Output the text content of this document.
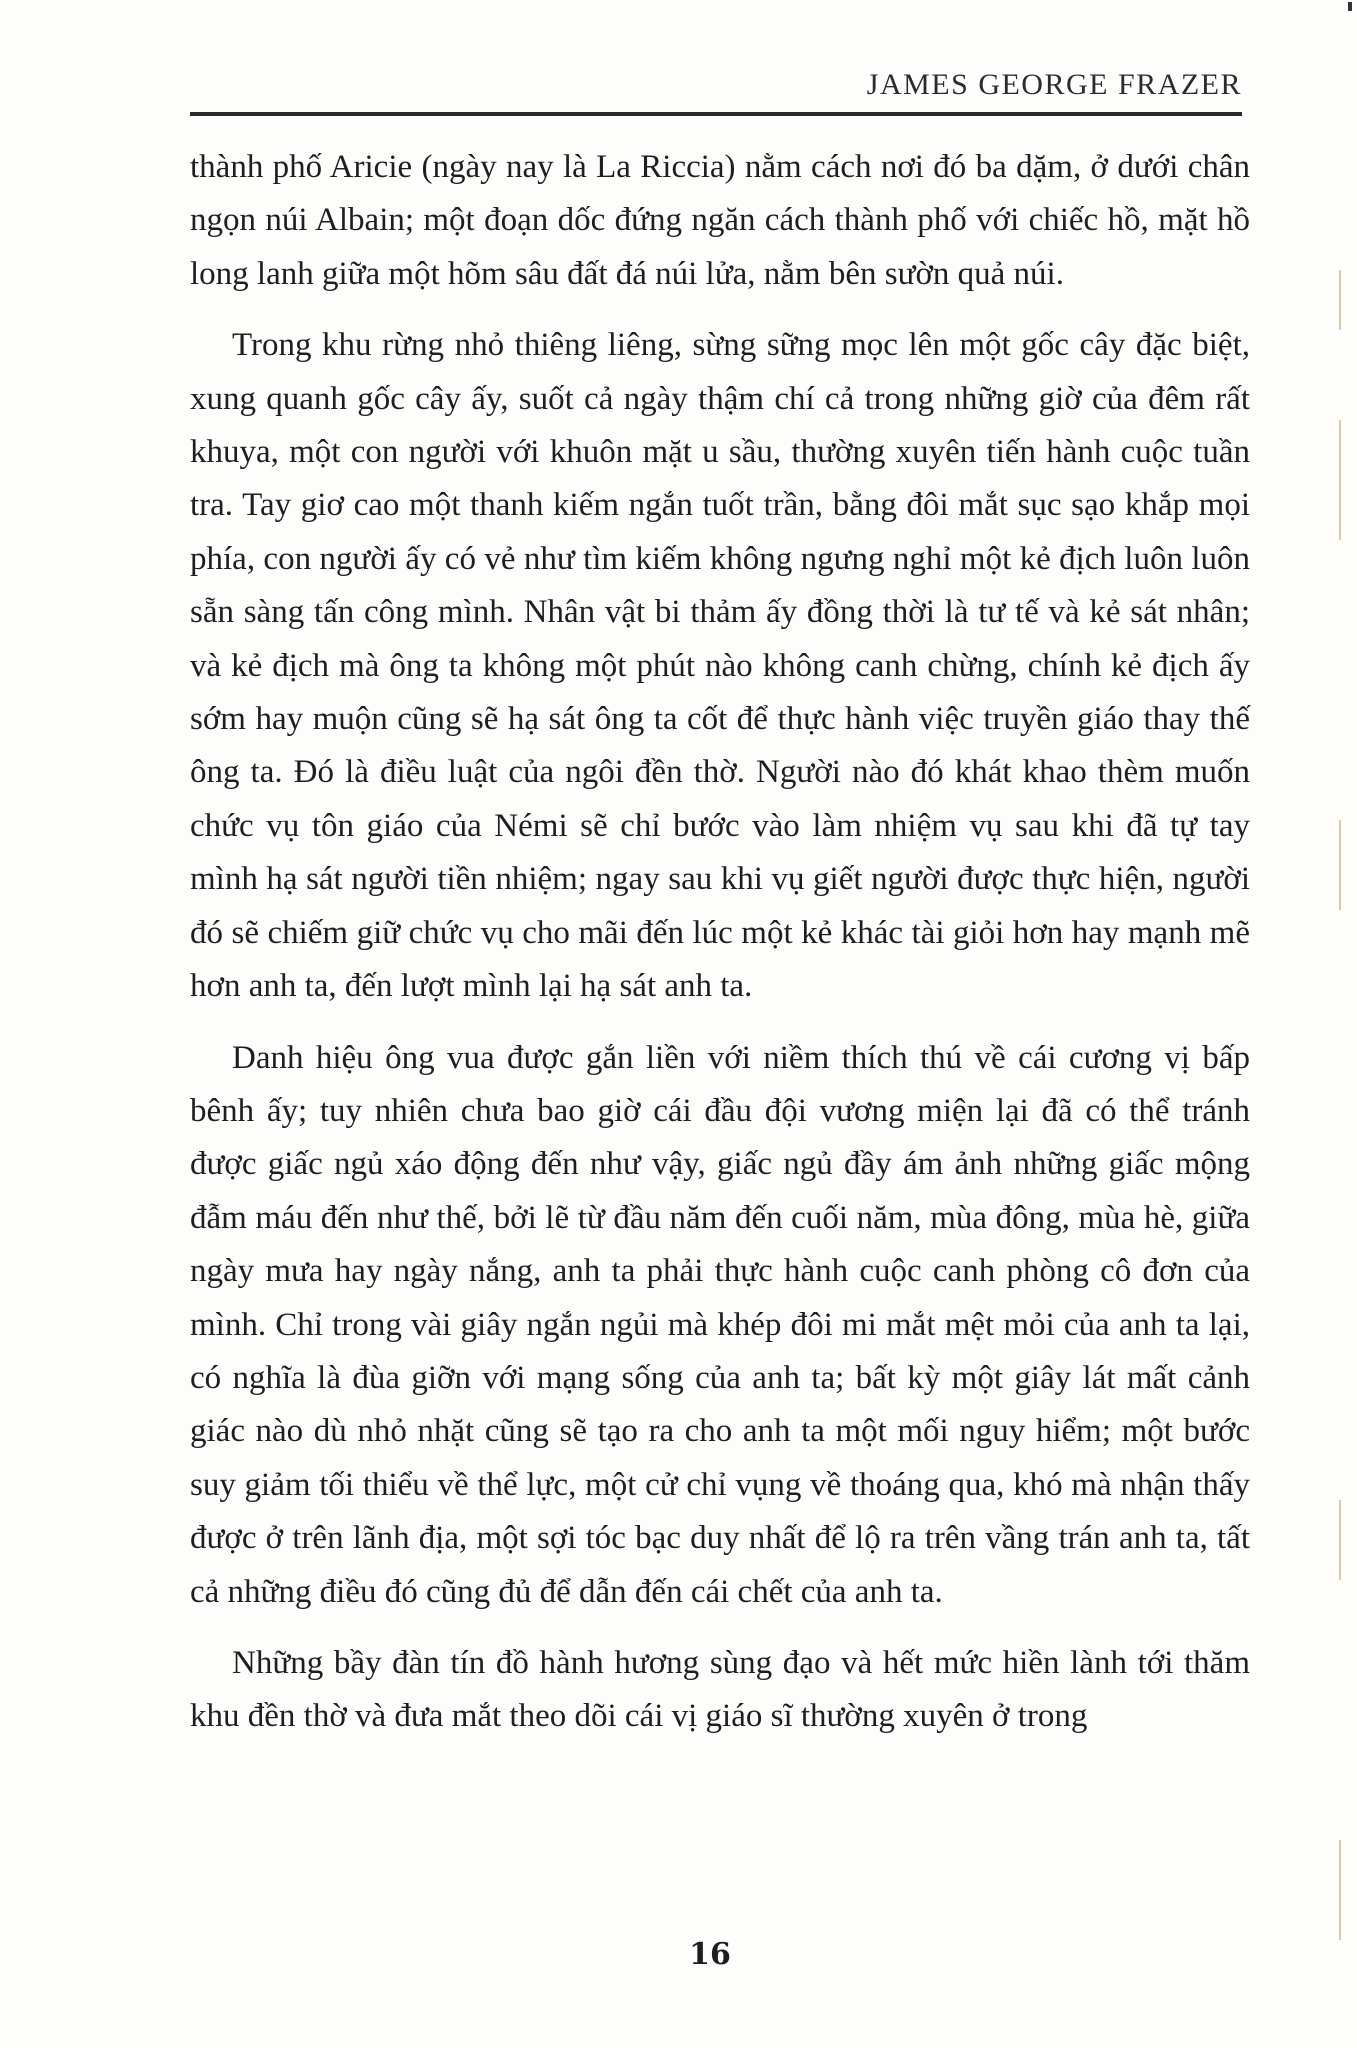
JAMES GEORGE FRAZER

thành phố Aricie (ngày nay là La Riccia) nằm cách nơi đó ba dặm, ở dưới chân ngọn núi Albain; một đoạn dốc đứng ngăn cách thành phố với chiếc hồ, mặt hồ long lanh giữa một hõm sâu đất đá núi lửa, nằm bên sườn quả núi.

Trong khu rừng nhỏ thiêng liêng, sừng sững mọc lên một gốc cây đặc biệt, xung quanh gốc cây ấy, suốt cả ngày thậm chí cả trong những giờ của đêm rất khuya, một con người với khuôn mặt u sầu, thường xuyên tiến hành cuộc tuần tra. Tay giơ cao một thanh kiếm ngắn tuốt trần, bằng đôi mắt sục sạo khắp mọi phía, con người ấy có vẻ như tìm kiếm không ngưng nghỉ một kẻ địch luôn luôn sẵn sàng tấn công mình. Nhân vật bi thảm ấy đồng thời là tư tế và kẻ sát nhân; và kẻ địch mà ông ta không một phút nào không canh chừng, chính kẻ địch ấy sớm hay muộn cũng sẽ hạ sát ông ta cốt để thực hành việc truyền giáo thay thế ông ta. Đó là điều luật của ngôi đền thờ. Người nào đó khát khao thèm muốn chức vụ tôn giáo của Némi sẽ chỉ bước vào làm nhiệm vụ sau khi đã tự tay mình hạ sát người tiền nhiệm; ngay sau khi vụ giết người được thực hiện, người đó sẽ chiếm giữ chức vụ cho mãi đến lúc một kẻ khác tài giỏi hơn hay mạnh mẽ hơn anh ta, đến lượt mình lại hạ sát anh ta.

Danh hiệu ông vua được gắn liền với niềm thích thú về cái cương vị bấp bênh ấy; tuy nhiên chưa bao giờ cái đầu đội vương miện lại đã có thể tránh được giấc ngủ xáo động đến như vậy, giấc ngủ đầy ám ảnh những giấc mộng đẫm máu đến như thế, bởi lẽ từ đầu năm đến cuối năm, mùa đông, mùa hè, giữa ngày mưa hay ngày nắng, anh ta phải thực hành cuộc canh phòng cô đơn của mình. Chỉ trong vài giây ngắn ngủi mà khép đôi mi mắt mệt mỏi của anh ta lại, có nghĩa là đùa giỡn với mạng sống của anh ta; bất kỳ một giây lát mất cảnh giác nào dù nhỏ nhặt cũng sẽ tạo ra cho anh ta một mối nguy hiểm; một bước suy giảm tối thiểu về thể lực, một cử chỉ vụng về thoáng qua, khó mà nhận thấy được ở trên lãnh địa, một sợi tóc bạc duy nhất để lộ ra trên vầng trán anh ta, tất cả những điều đó cũng đủ để dẫn đến cái chết của anh ta.

Những bầy đàn tín đồ hành hương sùng đạo và hết mức hiền lành tới thăm khu đền thờ và đưa mắt theo dõi cái vị giáo sĩ thường xuyên ở trong

16
